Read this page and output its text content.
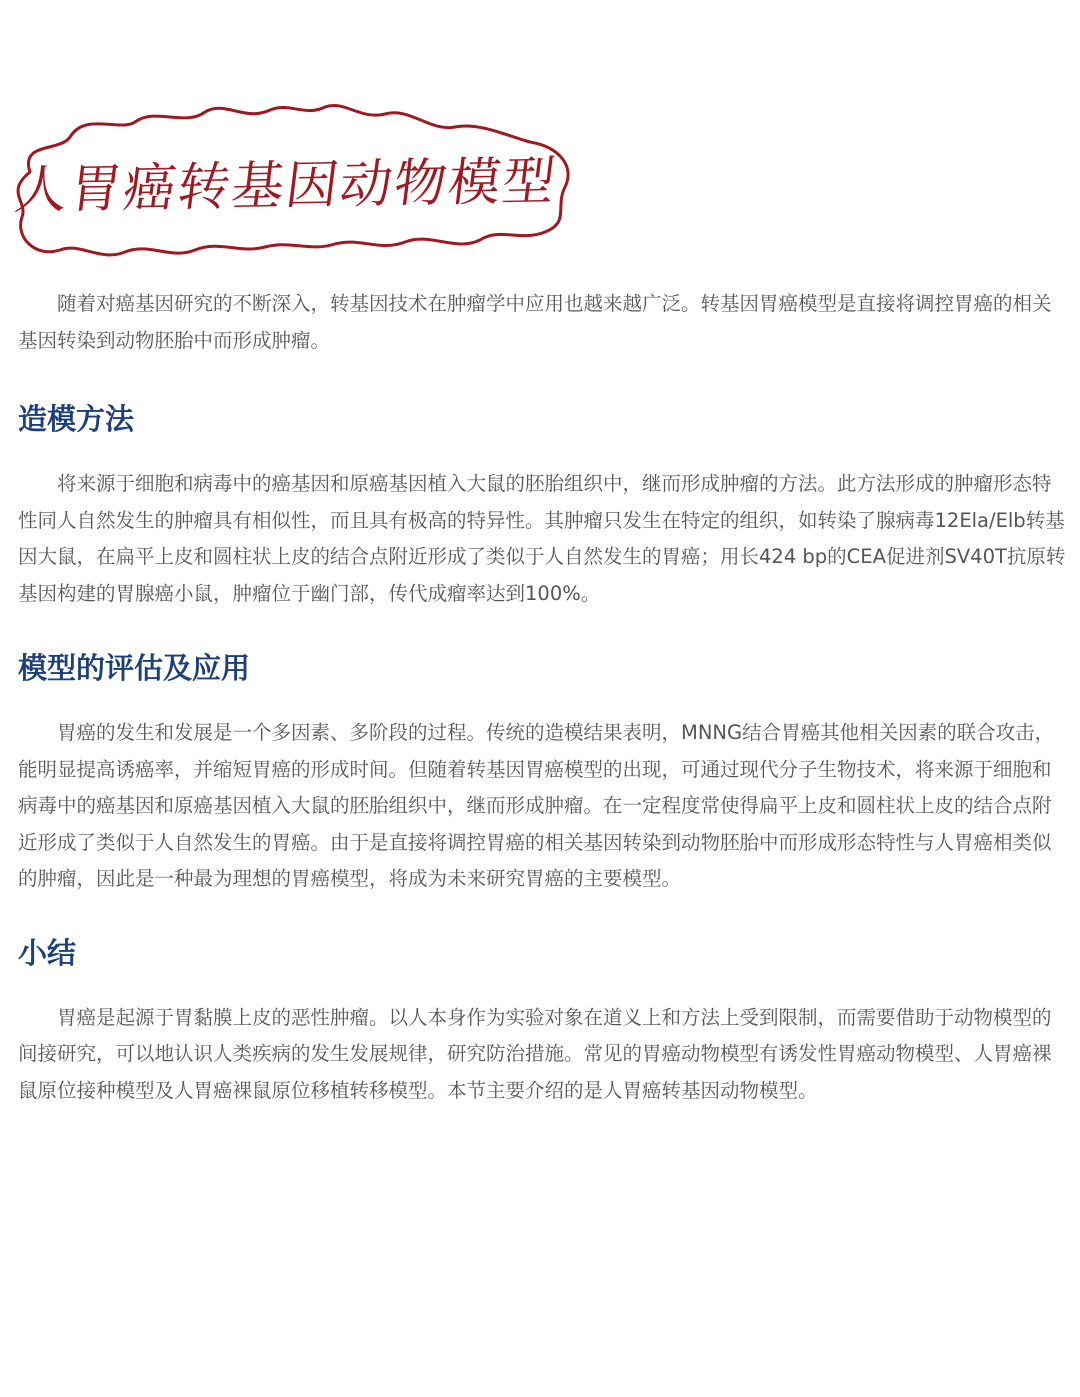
人胃癌转基因动物模型

随着对癌基因研究的不断深入，转基因技术在肿瘤学中应用也越来越广泛。转基因胃癌模型是直接将调控胃癌的相关基因转染到动物胚胎中而形成肿瘤。

造模方法

将来源于细胞和病毒中的癌基因和原癌基因植入大鼠的胚胎组织中，继而形成肿瘤的方法。此方法形成的肿瘤形态特性同人自然发生的肿瘤具有相似性，而且具有极高的特异性。其肿瘤只发生在特定的组织，如转染了腺病毒12Ela/Elb转基因大鼠，在扁平上皮和圆柱状上皮的结合点附近形成了类似于人自然发生的胃癌；用长424 bp的CEA促进剂SV40T抗原转基因构建的胃腺癌小鼠，肿瘤位于幽门部，传代成瘤率达到100%。

模型的评估及应用

胃癌的发生和发展是一个多因素、多阶段的过程。传统的造模结果表明，MNNG结合胃癌其他相关因素的联合攻击，能明显提高诱癌率，并缩短胃癌的形成时间。但随着转基因胃癌模型的出现，可通过现代分子生物技术，将来源于细胞和病毒中的癌基因和原癌基因植入大鼠的胚胎组织中，继而形成肿瘤。在一定程度常使得扁平上皮和圆柱状上皮的结合点附近形成了类似于人自然发生的胃癌。由于是直接将调控胃癌的相关基因转染到动物胚胎中而形成形态特性与人胃癌相类似的肿瘤，因此是一种最为理想的胃癌模型，将成为未来研究胃癌的主要模型。

小结

胃癌是起源于胃黏膜上皮的恶性肿瘤。以人本身作为实验对象在道义上和方法上受到限制，而需要借助于动物模型的间接研究，可以地认识人类疾病的发生发展规律，研究防治措施。常见的胃癌动物模型有诱发性胃癌动物模型、人胃癌裸鼠原位接种模型及人胃癌裸鼠原位移植转移模型。本节主要介绍的是人胃癌转基因动物模型。
